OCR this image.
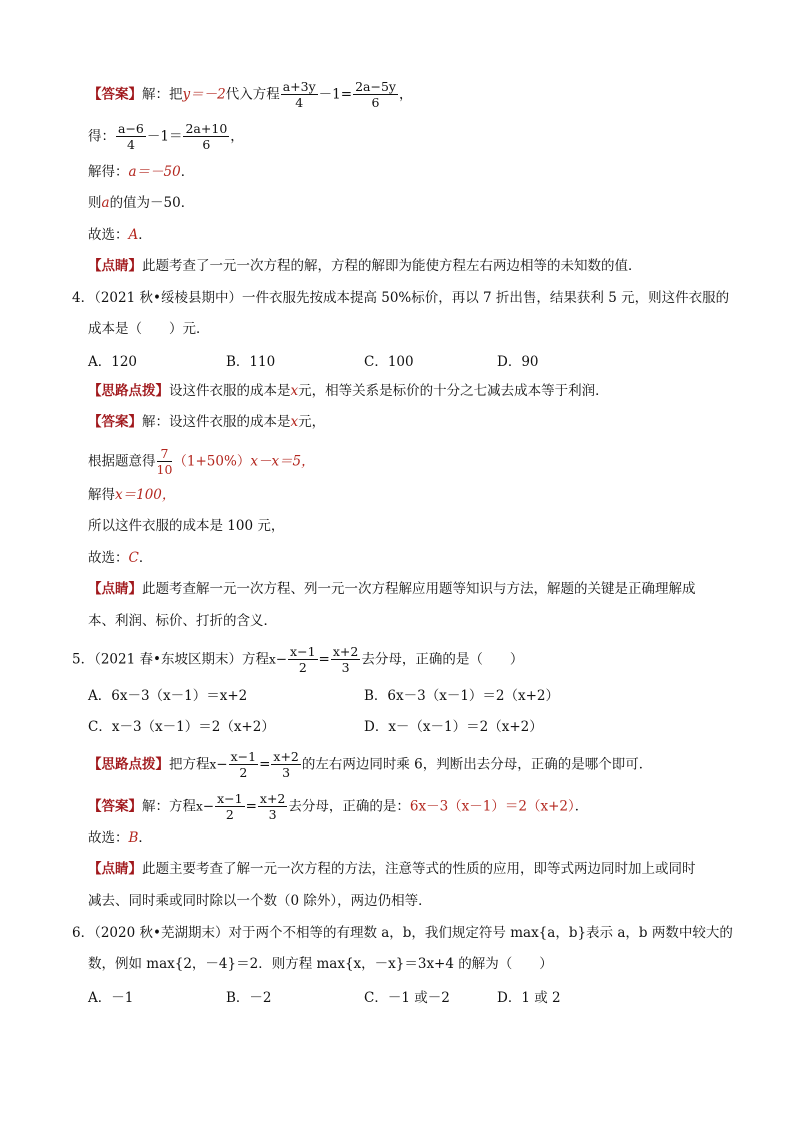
【答案】解：把y＝－2代入方程 $\frac{a+3y}{4} -1= \frac{2a-5y}{6}$ ，
得： $\frac{a-6}{4} -1= \frac{2a+10}{6}$ ，
解得：a＝－50．
则a的值为－50．
故选：A．
【点睛】此题考查了一元一次方程的解，方程的解即为能使方程左右两边相等的未知数的值．
4．（2021 秋•绥棱县期中）一件衣服先按成本提高 50%标价，再以 7 折出售，结果获利 5 元，则这件衣服的
成本是（　　）元．
A．120	B．110	C．100	D．90
【思路点拨】设这件衣服的成本是x元，相等关系是标价的十分之七减去成本等于利润．
【答案】解：设这件衣服的成本是x元，
根据题意得 $\frac{7}{10} (1+50\%)x-x=5$，
解得x＝100，
所以这件衣服的成本是 100 元，
故选：C．
【点睛】此题考查解一元一次方程、列一元一次方程解应用题等知识与方法，解题的关键是正确理解成
本、利润、标价、打折的含义．
5．（2021 春•东坡区期末）方程$x- \frac{x-1}{2} = \frac{x+2}{3}$ 去分母，正确的是（　　）
A．6x－3（x－1）＝x+2	B．6x－3（x－1）＝2（x+2）
C．x－3（x－1）＝2（x+2）	D．x－（x－1）＝2（x+2）
【思路点拨】把方程$x- \frac{x-1}{2} = \frac{x+2}{3}$ 的左右两边同时乘 6，判断出去分母，正确的是哪个即可．
【答案】解：方程$x- \frac{x-1}{2} = \frac{x+2}{3}$ 去分母，正确的是：6x－3（x－1）＝2（x+2）．
故选：B．
【点睛】此题主要考查了解一元一次方程的方法，注意等式的性质的应用，即等式两边同时加上或同时
减去、同时乘或同时除以一个数（0 除外），两边仍相等．
6．（2020 秋•芜湖期末）对于两个不相等的有理数 a，b，我们规定符号 max{a，b}表示 a，b 两数中较大的
数，例如 max{2，－4}＝2．则方程 max{x，－x}＝3x+4 的解为（　　）
A．－1	B．－2	C．－1 或－2	D．1 或 2
